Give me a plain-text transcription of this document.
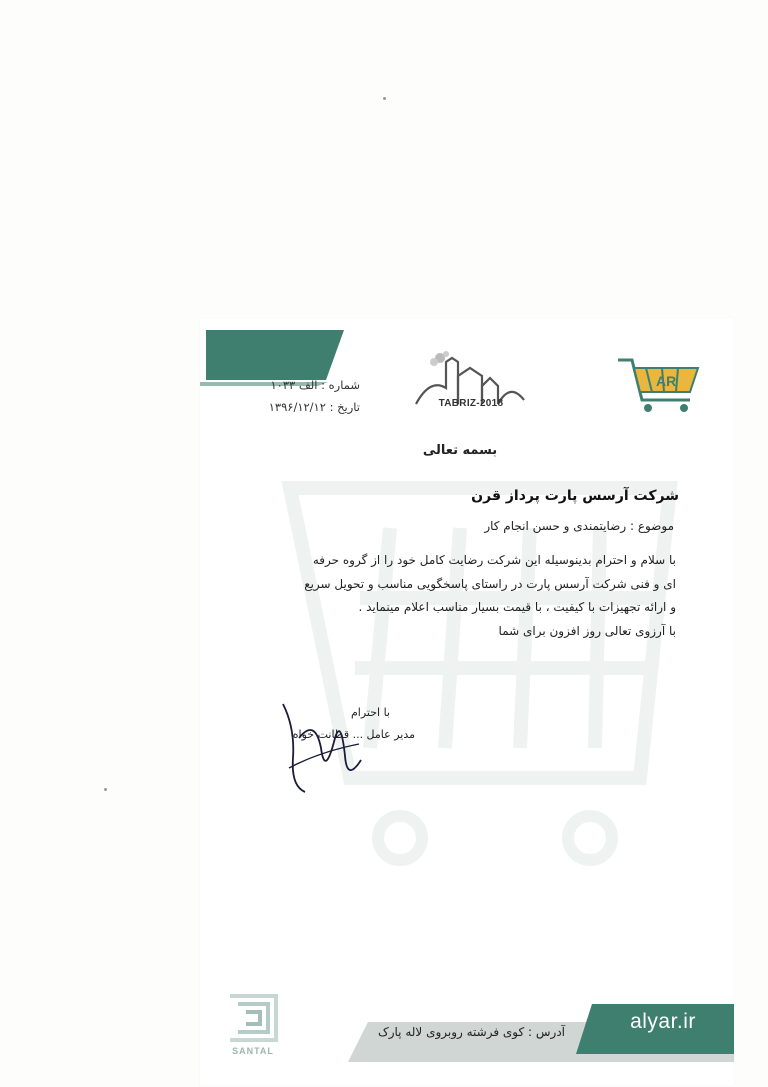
شماره : الف ۱۰۳۳
تاریخ : ۱۳۹۶/۱۲/۱۲	TABRIZ-2018
AR
بسمه تعالی
شرکت آرسس پارت پرداز قرن
موضوع : رضایتمندی و حسن انجام کار
با سلام و احترام بدینوسیله این شرکت رضایت کامل خود را از گروه حرفه
ای و فنی شرکت آرسس پارت در راستای پاسخگویی مناسب و تحویل سریع
و ارائه تجهیزات با کیفیت ، با قیمت بسیار مناسب اعلام مینماید .
با آرزوی تعالی روز افزون برای شما
با احترام
مدیر عامل ... قطانت خواه
alyar.ir
آدرس : کوی فرشته روبروی لاله پارک
SANTAL
